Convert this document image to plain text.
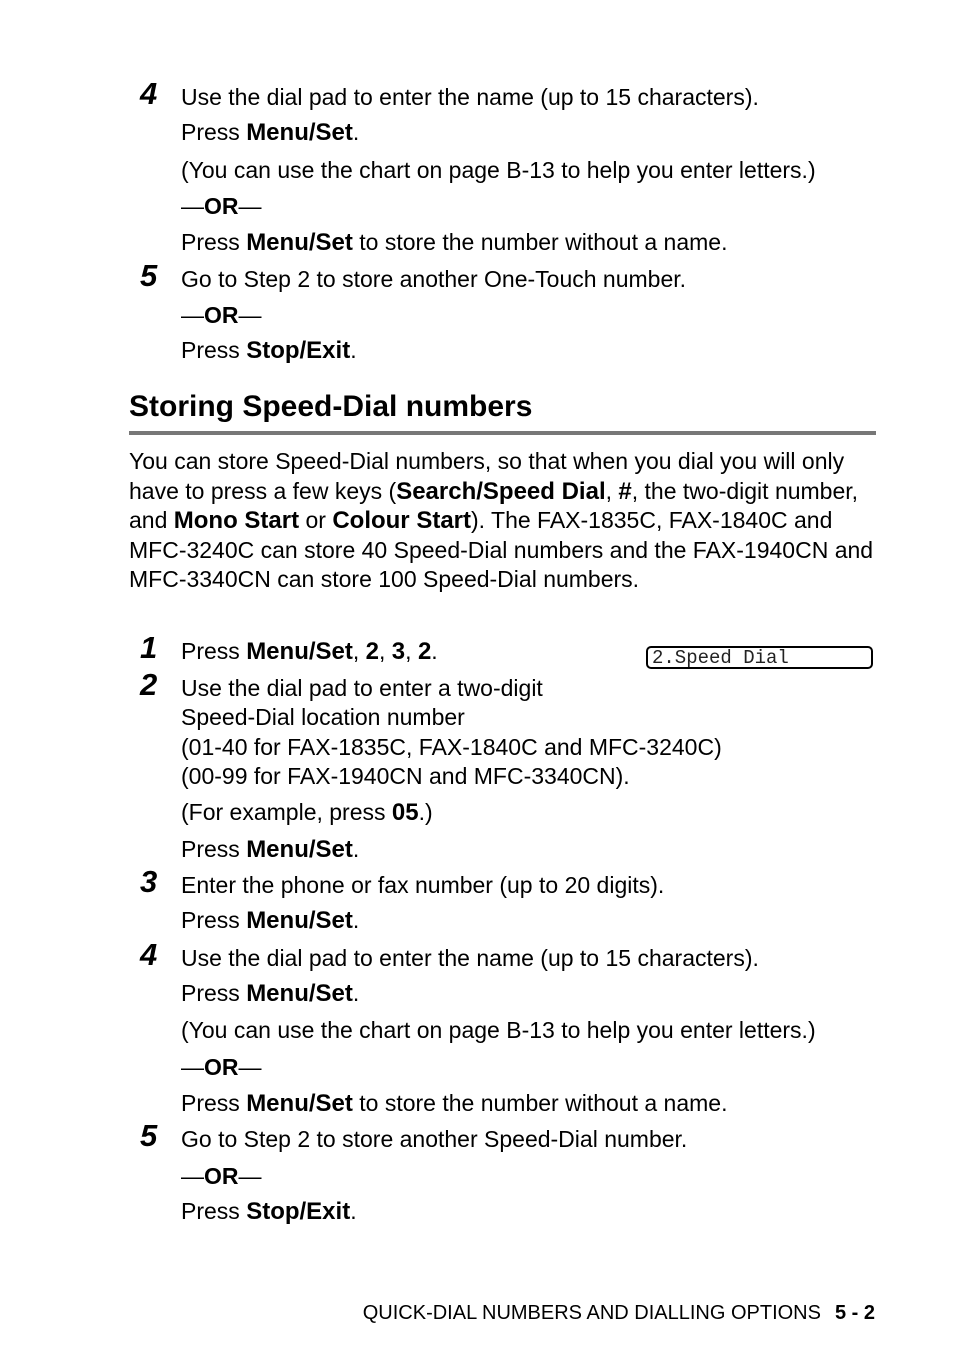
4 Use the dial pad to enter the name (up to 15 characters).
Press Menu/Set.
(You can use the chart on page B-13 to help you enter letters.)
—OR—
Press Menu/Set to store the number without a name.
5 Go to Step 2 to store another One-Touch number.
—OR—
Press Stop/Exit.
Storing Speed-Dial numbers
You can store Speed-Dial numbers, so that when you dial you will only have to press a few keys (Search/Speed Dial, #, the two-digit number, and Mono Start or Colour Start). The FAX-1835C, FAX-1840C and MFC-3240C can store 40 Speed-Dial numbers and the FAX-1940CN and MFC-3340CN can store 100 Speed-Dial numbers.
2.Speed Dial
1 Press Menu/Set, 2, 3, 2.
2 Use the dial pad to enter a two-digit
Speed-Dial location number
(01-40 for FAX-1835C, FAX-1840C and MFC-3240C)
(00-99 for FAX-1940CN and MFC-3340CN).
(For example, press 05.)
Press Menu/Set.
3 Enter the phone or fax number (up to 20 digits).
Press Menu/Set.
4 Use the dial pad to enter the name (up to 15 characters).
Press Menu/Set.
(You can use the chart on page B-13 to help you enter letters.)
—OR—
Press Menu/Set to store the number without a name.
5 Go to Step 2 to store another Speed-Dial number.
—OR—
Press Stop/Exit.
QUICK-DIAL NUMBERS AND DIALLING OPTIONS 5 - 2
